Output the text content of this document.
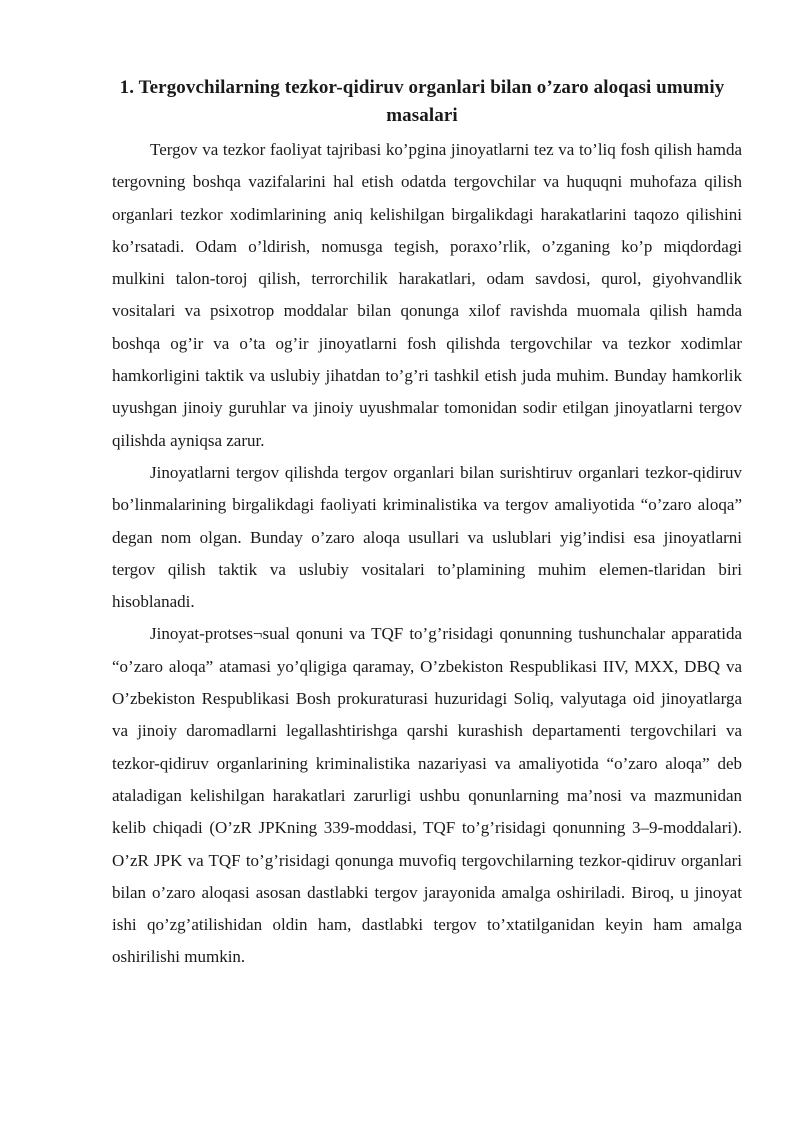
1. Tergovchilarning tezkor-qidiruv organlari bilan o’zaro aloqasi umumiy masalari

Tergov va tezkor faoliyat tajribasi ko’pgina jinoyatlarni tez va to’liq fosh qilish hamda tergovning boshqa vazifalarini hal etish odatda tergovchilar va huquqni muhofaza qilish organlari tezkor xodimlarining aniq kelishilgan birgalikdagi harakatlarini taqozo qilishini ko’rsatadi. Odam o’ldirish, nomusga tegish, poraxo’rlik, o’zganing ko’p miqdordagi mulkini talon-toroj qilish, terrorchilik harakatlari, odam savdosi, qurol, giyohvandlik vositalari va psixotrop moddalar bilan qonunga xilof ravishda muomala qilish hamda boshqa og’ir va o’ta og’ir jinoyatlarni fosh qilishda tergovchilar va tezkor xodimlar hamkorligini taktik va uslubiy jihatdan to’g’ri tashkil etish juda muhim. Bunday hamkorlik uyushgan jinoiy guruhlar va jinoiy uyushmalar tomonidan sodir etilgan jinoyatlarni tergov qilishda ayniqsa zarur.

Jinoyatlarni tergov qilishda tergov organlari bilan surishtiruv organlari tezkor-qidiruv bo’linmalarining birgalikdagi faoliyati kriminalistika va tergov amaliyotida “o’zaro aloqa” degan nom olgan. Bunday o’zaro aloqa usullari va uslublari yig’indisi esa jinoyatlarni tergov qilish taktik va uslubiy vositalari to’plamining muhim elemen-tlaridan biri hisoblanadi.

Jinoyat-protses¬sual qonuni va TQF to’g’risidagi qonunning tushunchalar apparatida “o’zaro aloqa” atamasi yo’qligiga qaramay, O’zbekiston Respublikasi IIV, MXX, DBQ va O’zbekiston Respublikasi Bosh prokuraturasi huzuridagi Soliq, valyutaga oid jinoyatlarga va jinoiy daromadlarni legallashtirishga qarshi kurashish departamenti tergovchilari va tezkor-qidiruv organlarining kriminalistika nazariyasi va amaliyotida “o’zaro aloqa” deb ataladigan kelishilgan harakatlari zarurligi ushbu qonunlarning ma’nosi va mazmunidan kelib chiqadi (O’zR JPKning 339-moddasi, TQF to’g’risidagi qonunning 3–9-moddalari). O’zR JPK va TQF to’g’risidagi qonunga muvofiq tergovchilarning tezkor-qidiruv organlari bilan o’zaro aloqasi asosan dastlabki tergov jarayonida amalga oshiriladi. Biroq, u jinoyat ishi qo’zg’atilishidan oldin ham, dastlabki tergov to’xtatilganidan keyin ham amalga oshirilishi mumkin.
